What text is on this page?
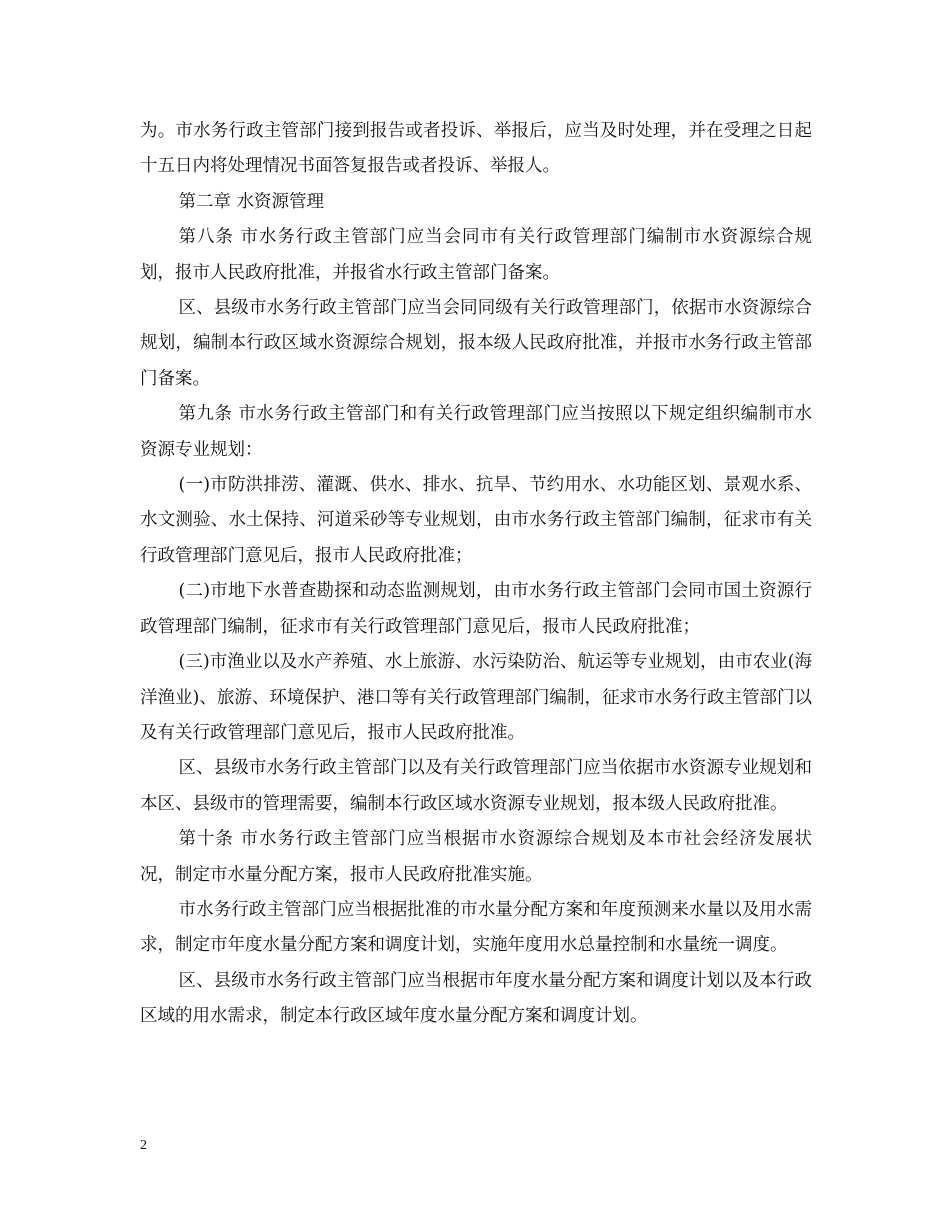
为。市水务行政主管部门接到报告或者投诉、举报后，应当及时处理，并在受理之日起十五日内将处理情况书面答复报告或者投诉、举报人。

第二章 水资源管理

第八条 市水务行政主管部门应当会同市有关行政管理部门编制市水资源综合规划，报市人民政府批准，并报省水行政主管部门备案。

区、县级市水务行政主管部门应当会同同级有关行政管理部门，依据市水资源综合规划，编制本行政区域水资源综合规划，报本级人民政府批准，并报市水务行政主管部门备案。

第九条 市水务行政主管部门和有关行政管理部门应当按照以下规定组织编制市水资源专业规划：

(一)市防洪排涝、灌溉、供水、排水、抗旱、节约用水、水功能区划、景观水系、水文测验、水土保持、河道采砂等专业规划，由市水务行政主管部门编制，征求市有关行政管理部门意见后，报市人民政府批准；

(二)市地下水普查勘探和动态监测规划，由市水务行政主管部门会同市国土资源行政管理部门编制，征求市有关行政管理部门意见后，报市人民政府批准；

(三)市渔业以及水产养殖、水上旅游、水污染防治、航运等专业规划，由市农业(海洋渔业)、旅游、环境保护、港口等有关行政管理部门编制，征求市水务行政主管部门以及有关行政管理部门意见后，报市人民政府批准。

区、县级市水务行政主管部门以及有关行政管理部门应当依据市水资源专业规划和本区、县级市的管理需要，编制本行政区域水资源专业规划，报本级人民政府批准。

第十条 市水务行政主管部门应当根据市水资源综合规划及本市社会经济发展状况，制定市水量分配方案，报市人民政府批准实施。

市水务行政主管部门应当根据批准的市水量分配方案和年度预测来水量以及用水需求，制定市年度水量分配方案和调度计划，实施年度用水总量控制和水量统一调度。

区、县级市水务行政主管部门应当根据市年度水量分配方案和调度计划以及本行政区域的用水需求，制定本行政区域年度水量分配方案和调度计划。

2
